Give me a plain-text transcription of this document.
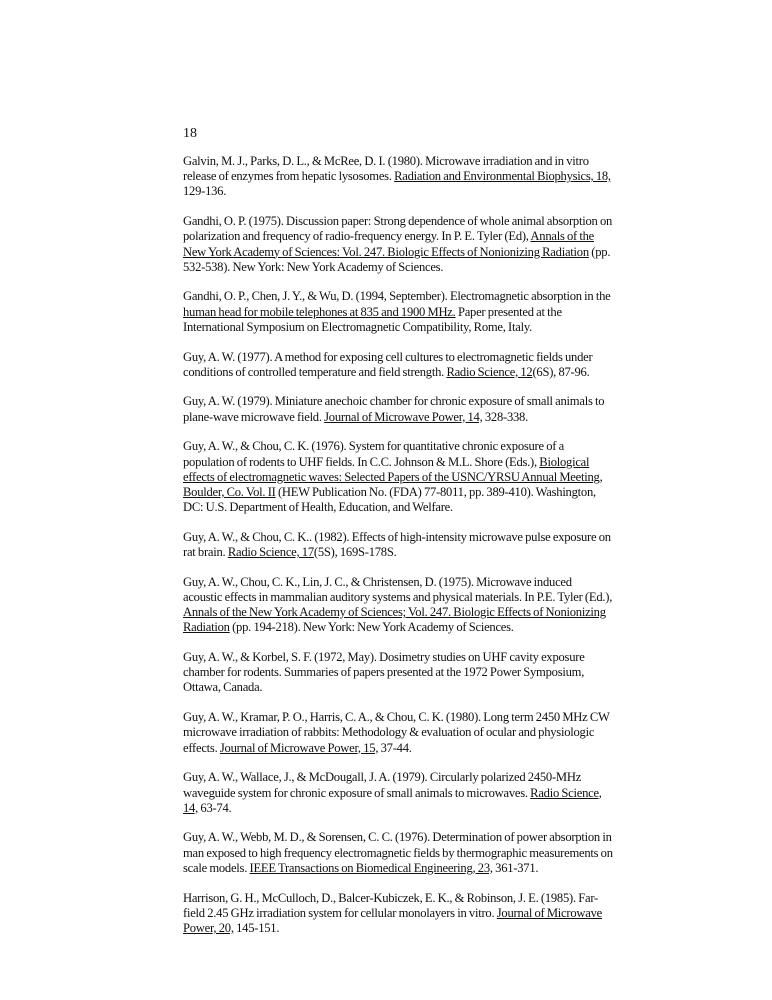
18

Galvin, M. J., Parks, D. L., & McRee, D. I. (1980). Microwave irradiation and in vitro release of enzymes from hepatic lysosomes. Radiation and Environmental Biophysics, 18, 129-136.

Gandhi, O. P. (1975). Discussion paper: Strong dependence of whole animal absorption on polarization and frequency of radio-frequency energy. In P. E. Tyler (Ed), Annals of the New York Academy of Sciences: Vol. 247. Biologic Effects of Nonionizing Radiation (pp. 532-538). New York: New York Academy of Sciences.

Gandhi, O. P., Chen, J. Y., & Wu, D. (1994, September). Electromagnetic absorption in the human head for mobile telephones at 835 and 1900 MHz. Paper presented at the International Symposium on Electromagnetic Compatibility, Rome, Italy.

Guy, A. W. (1977). A method for exposing cell cultures to electromagnetic fields under conditions of controlled temperature and field strength. Radio Science, 12(6S), 87-96.

Guy, A. W. (1979). Miniature anechoic chamber for chronic exposure of small animals to plane-wave microwave field. Journal of Microwave Power, 14, 328-338.

Guy, A. W., & Chou, C. K. (1976). System for quantitative chronic exposure of a population of rodents to UHF fields. In C.C. Johnson & M.L. Shore (Eds.), Biological effects of electromagnetic waves: Selected Papers of the USNC/YRSU Annual Meeting, Boulder, Co. Vol. II (HEW Publication No. (FDA) 77-8011, pp. 389-410). Washington, DC: U.S. Department of Health, Education, and Welfare.

Guy, A. W., & Chou, C. K.. (1982). Effects of high-intensity microwave pulse exposure on rat brain. Radio Science, 17(5S), 169S-178S.

Guy, A. W., Chou, C. K., Lin, J. C., & Christensen, D. (1975). Microwave induced acoustic effects in mammalian auditory systems and physical materials. In P.E. Tyler (Ed.), Annals of the New York Academy of Sciences; Vol. 247. Biologic Effects of Nonionizing Radiation (pp. 194-218). New York: New York Academy of Sciences.

Guy, A. W., & Korbel, S. F. (1972, May). Dosimetry studies on UHF cavity exposure chamber for rodents. Summaries of papers presented at the 1972 Power Symposium, Ottawa, Canada.

Guy, A. W., Kramar, P. O., Harris, C. A., & Chou, C. K. (1980). Long term 2450 MHz CW microwave irradiation of rabbits: Methodology & evaluation of ocular and physiologic effects. Journal of Microwave Power, 15, 37-44.

Guy, A. W., Wallace, J., & McDougall, J. A. (1979). Circularly polarized 2450-MHz waveguide system for chronic exposure of small animals to microwaves. Radio Science, 14, 63-74.

Guy, A. W., Webb, M. D., & Sorensen, C. C. (1976). Determination of power absorption in man exposed to high frequency electromagnetic fields by thermographic measurements on scale models. IEEE Transactions on Biomedical Engineering, 23, 361-371.

Harrison, G. H., McCulloch, D., Balcer-Kubiczek, E. K., & Robinson, J. E. (1985). Far-field 2.45 GHz irradiation system for cellular monolayers in vitro. Journal of Microwave Power, 20, 145-151.
